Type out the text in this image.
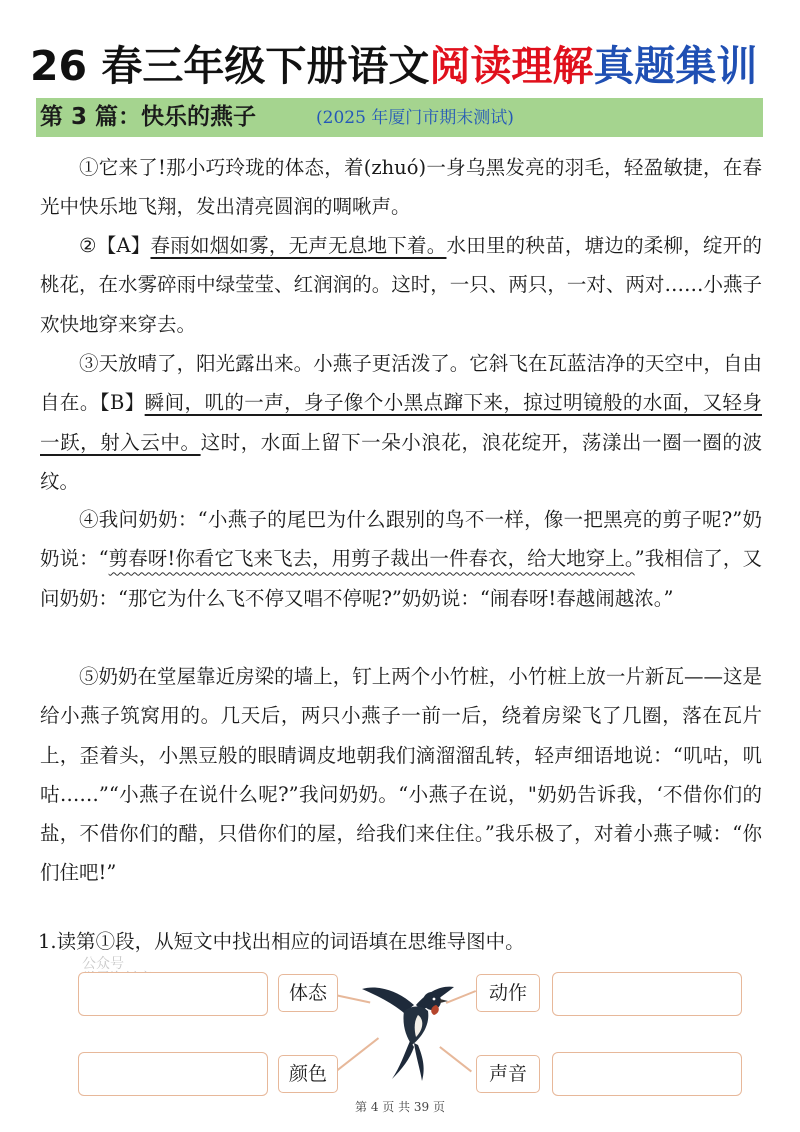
26 春三年级下册语文阅读理解真题集训
第 3 篇：快乐的燕子	(2025 年厦门市期末测试)

①它来了!那小巧玲珑的体态，着(zhuó)一身乌黑发亮的羽毛，轻盈敏捷，在春光中快乐地飞翔，发出清亮圆润的啁啾声。

②【A】春雨如烟如雾，无声无息地下着。水田里的秧苗，塘边的柔柳，绽开的桃花，在水雾碎雨中绿莹莹、红润润的。这时，一只、两只，一对、两对……小燕子欢快地穿来穿去。

③天放晴了，阳光露出来。小燕子更活泼了。它斜飞在瓦蓝洁净的天空中，自由自在。【B】瞬间，叽的一声，身子像个小黑点蹿下来，掠过明镜般的水面，又轻身一跃，射入云中。这时，水面上留下一朵小浪花，浪花绽开，荡漾出一圈一圈的波纹。

④我问奶奶：“小燕子的尾巴为什么跟别的鸟不一样，像一把黑亮的剪子呢?”奶奶说：“剪春呀!你看它飞来飞去，用剪子裁出一件春衣，给大地穿上。”我相信了，又问奶奶：“那它为什么飞不停又唱不停呢?”奶奶说：“闹春呀!春越闹越浓。”

⑤奶奶在堂屋靠近房梁的墙上，钉上两个小竹桩，小竹桩上放一片新瓦——这是给小燕子筑窝用的。几天后，两只小燕子一前一后，绕着房梁飞了几圈，落在瓦片上，歪着头，小黑豆般的眼睛调皮地朝我们滴溜溜乱转，轻声细语地说：“叽咕，叽咕……”“小燕子在说什么呢?”我问奶奶。“小燕子在说，"奶奶告诉我，‘不借你们的盐，不借你们的醋，只借你们的屋，给我们来住住。”我乐极了，对着小燕子喊：“你们住吧!”

1.读第①段，从短文中找出相应的词语填在思维导图中。
公众号
体态	动作
颜色	声音
第 4 页 共 39 页
